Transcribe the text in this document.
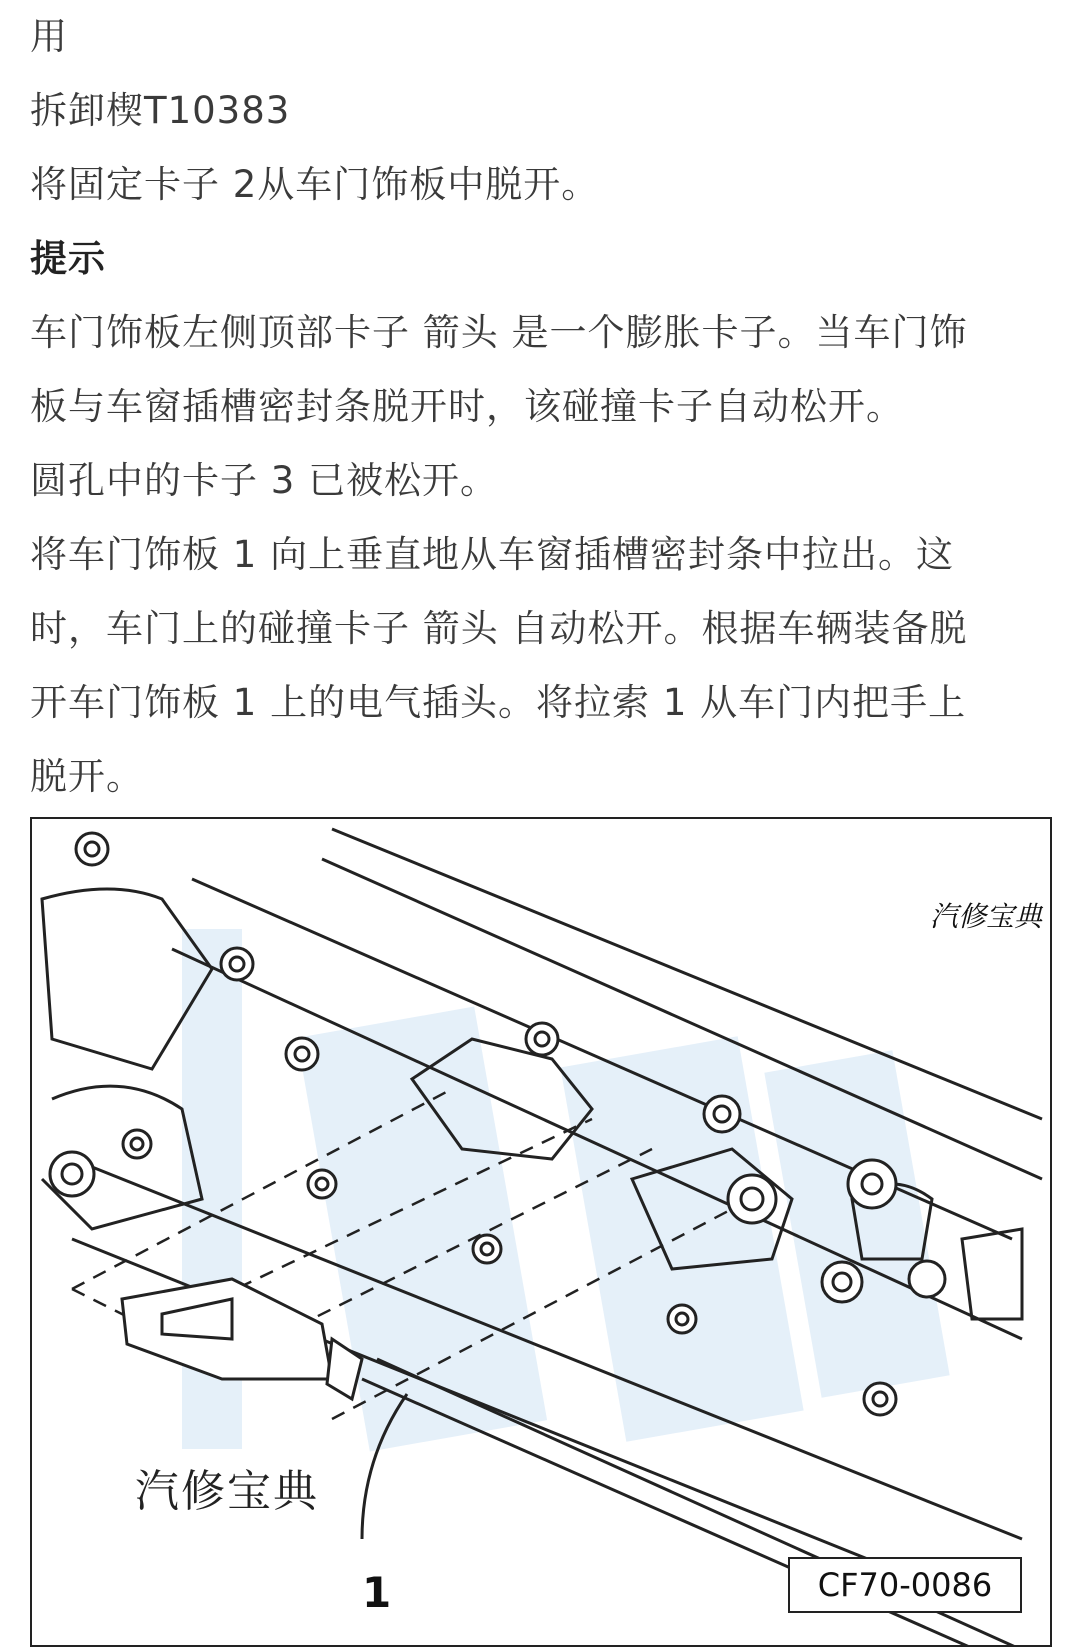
用

拆卸楔T10383

将固定卡子 2从车门饰板中脱开。

提示

车门饰板左侧顶部卡子 箭头 是一个膨胀卡子。当车门饰

板与车窗插槽密封条脱开时，该碰撞卡子自动松开。

圆孔中的卡子 3 已被松开。

将车门饰板 1 向上垂直地从车窗插槽密封条中拉出。这

时，车门上的碰撞卡子 箭头 自动松开。根据车辆装备脱

开车门饰板 1 上的电气插头。将拉索 1 从车门内把手上

脱开。

汽修宝典
汽修宝典
1	CF70-0086
